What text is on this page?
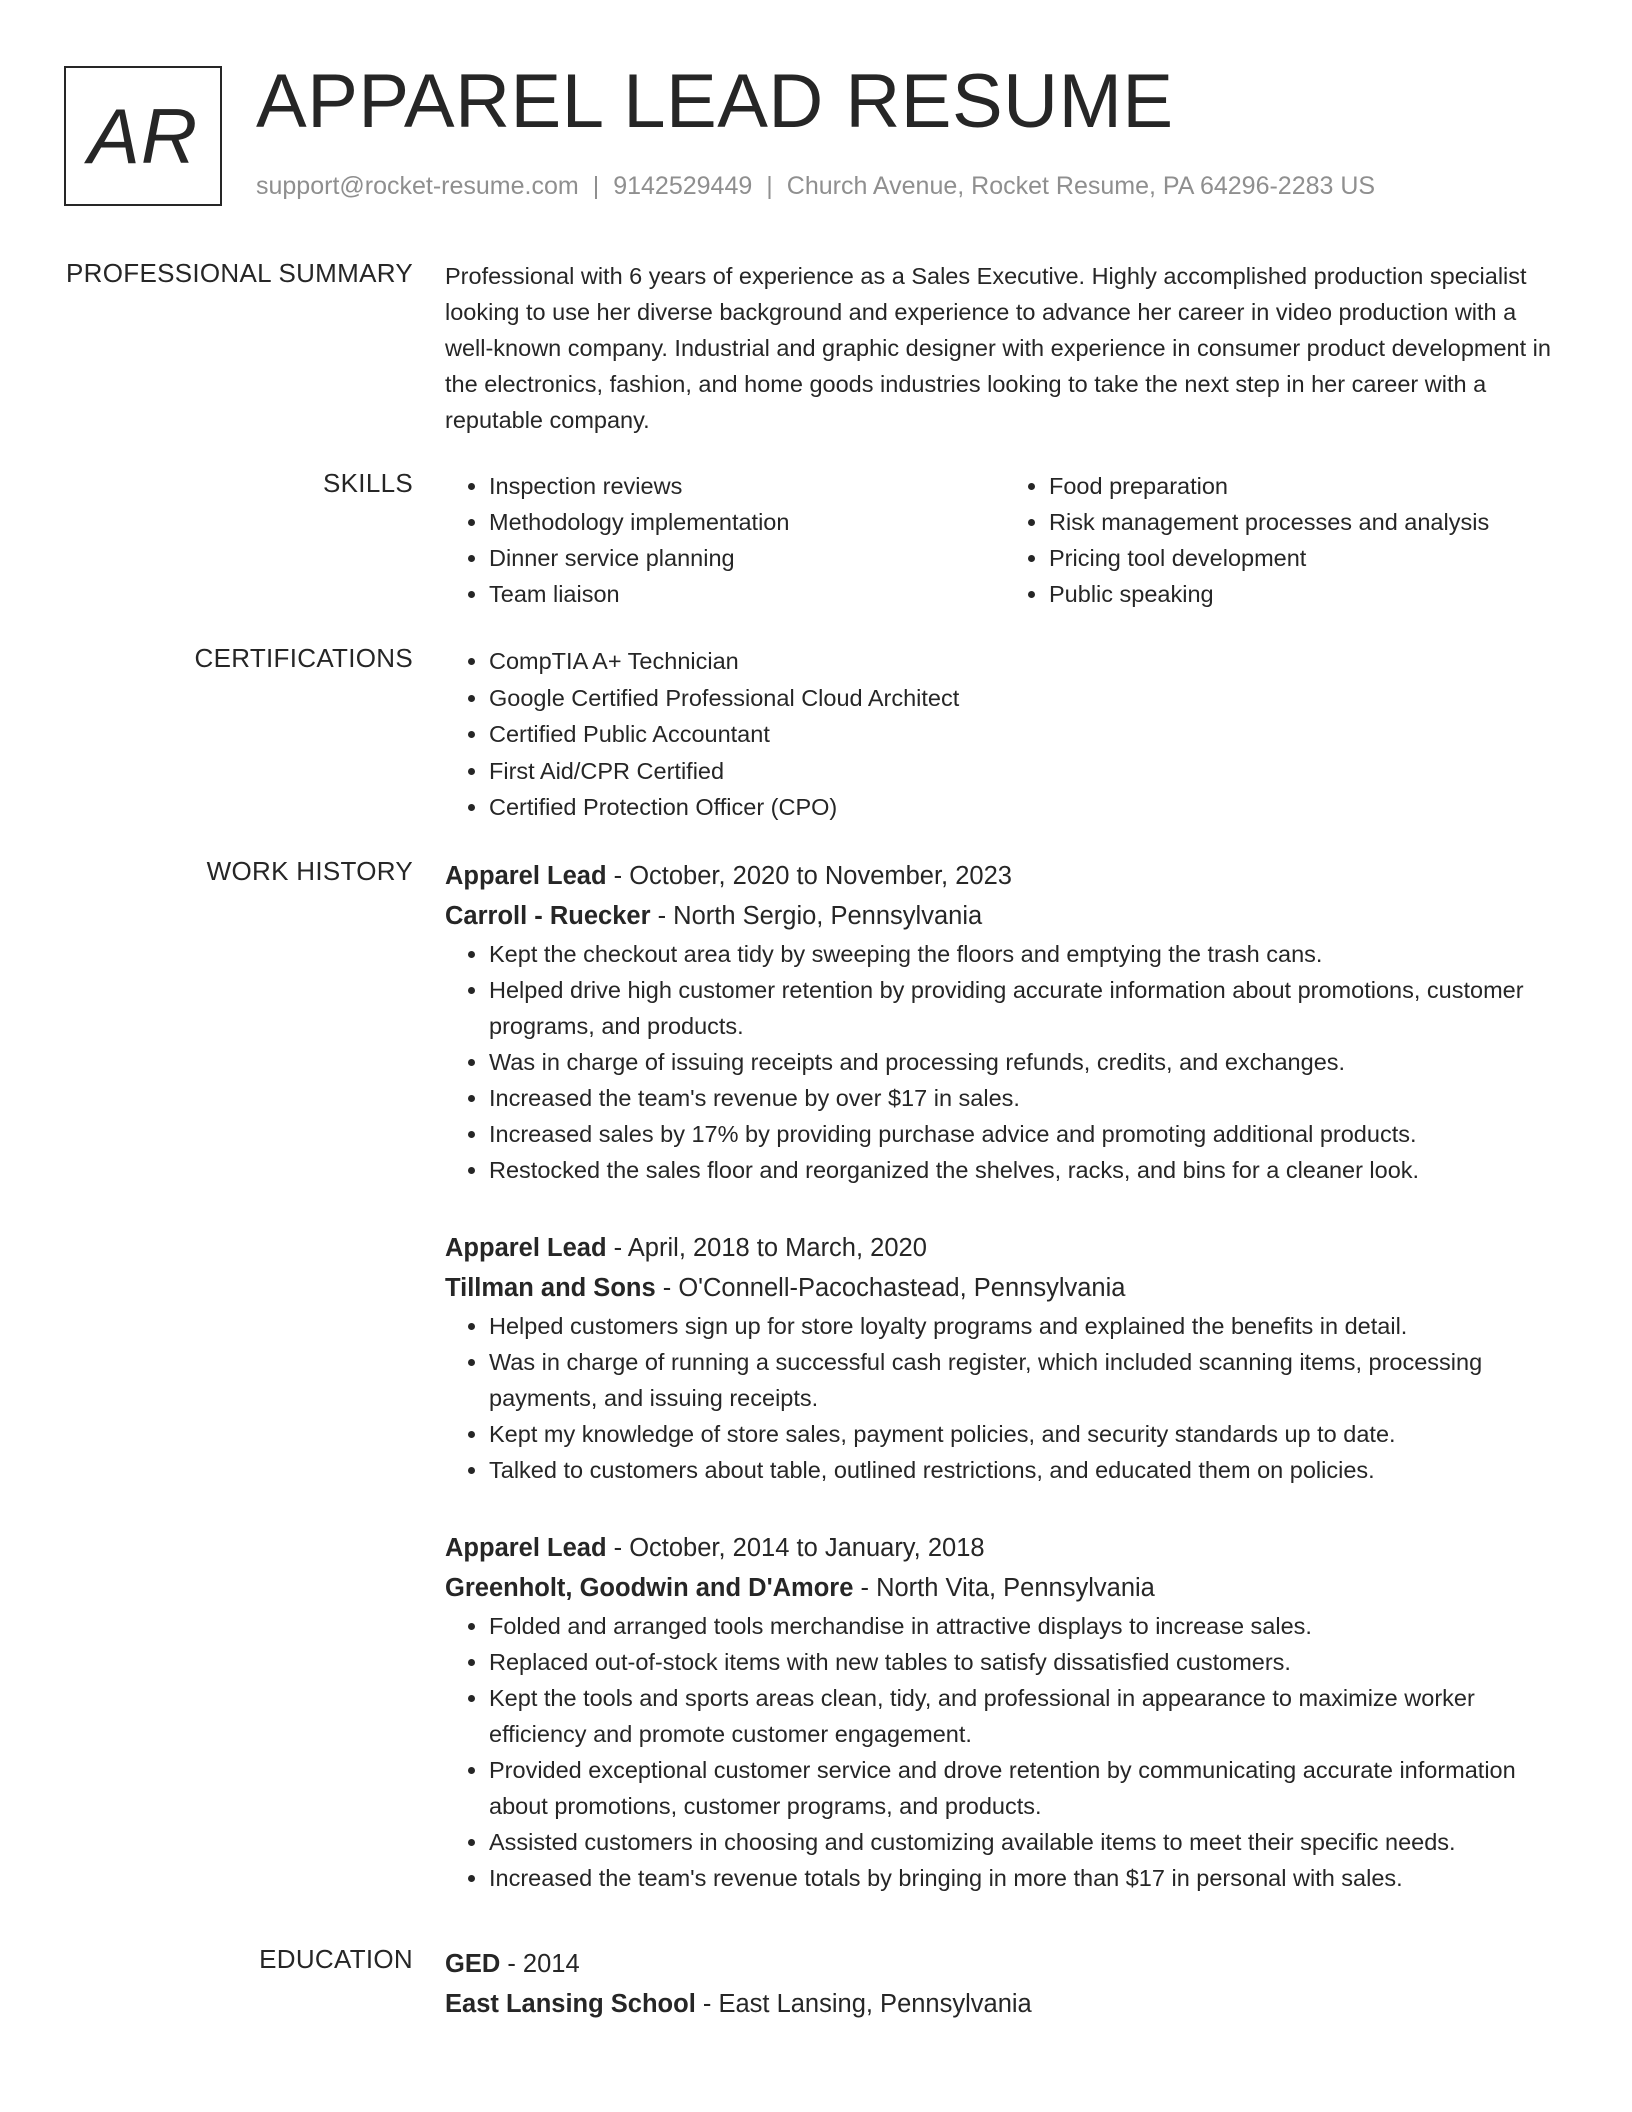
AR APPAREL LEAD RESUME
support@rocket-resume.com | 9142529449 | Church Avenue, Rocket Resume, PA 64296-2283 US
PROFESSIONAL SUMMARY Professional with 6 years of experience as a Sales Executive. Highly accomplished production specialist looking to use her diverse background and experience to advance her career in video production with a well-known company. Industrial and graphic designer with experience in consumer product development in the electronics, fashion, and home goods industries looking to take the next step in her career with a reputable company.

SKILLS	• Inspection reviews
• Methodology implementation
• Dinner service planning
• Team liaison
• Food preparation
• Risk management processes and analysis
• Pricing tool development
• Public speaking
CERTIFICATIONS	• CompTIA A+ Technician
• Google Certified Professional Cloud Architect
• Certified Public Accountant
• First Aid/CPR Certified
• Certified Protection Officer (CPO)
WORK HISTORY Apparel Lead - October, 2020 to November, 2023
Carroll - Ruecker - North Sergio, Pennsylvania
• Kept the checkout area tidy by sweeping the floors and emptying the trash cans.
• Helped drive high customer retention by providing accurate information about promotions, customer programs, and products.
• Was in charge of issuing receipts and processing refunds, credits, and exchanges.
• Increased the team's revenue by over $17 in sales.
• Increased sales by 17% by providing purchase advice and promoting additional products.
• Restocked the sales floor and reorganized the shelves, racks, and bins for a cleaner look.
Apparel Lead - April, 2018 to March, 2020
Tillman and Sons - O'Connell-Pacochastead, Pennsylvania
• Helped customers sign up for store loyalty programs and explained the benefits in detail.
• Was in charge of running a successful cash register, which included scanning items, processing payments, and issuing receipts.
• Kept my knowledge of store sales, payment policies, and security standards up to date.
• Talked to customers about table, outlined restrictions, and educated them on policies.
Apparel Lead - October, 2014 to January, 2018
Greenholt, Goodwin and D'Amore - North Vita, Pennsylvania
• Folded and arranged tools merchandise in attractive displays to increase sales.
• Replaced out-of-stock items with new tables to satisfy dissatisfied customers.
• Kept the tools and sports areas clean, tidy, and professional in appearance to maximize worker efficiency and promote customer engagement.
• Provided exceptional customer service and drove retention by communicating accurate information about promotions, customer programs, and products.
• Assisted customers in choosing and customizing available items to meet their specific needs.
• Increased the team's revenue totals by bringing in more than $17 in personal with sales.
EDUCATION GED - 2014
East Lansing School - East Lansing, Pennsylvania
